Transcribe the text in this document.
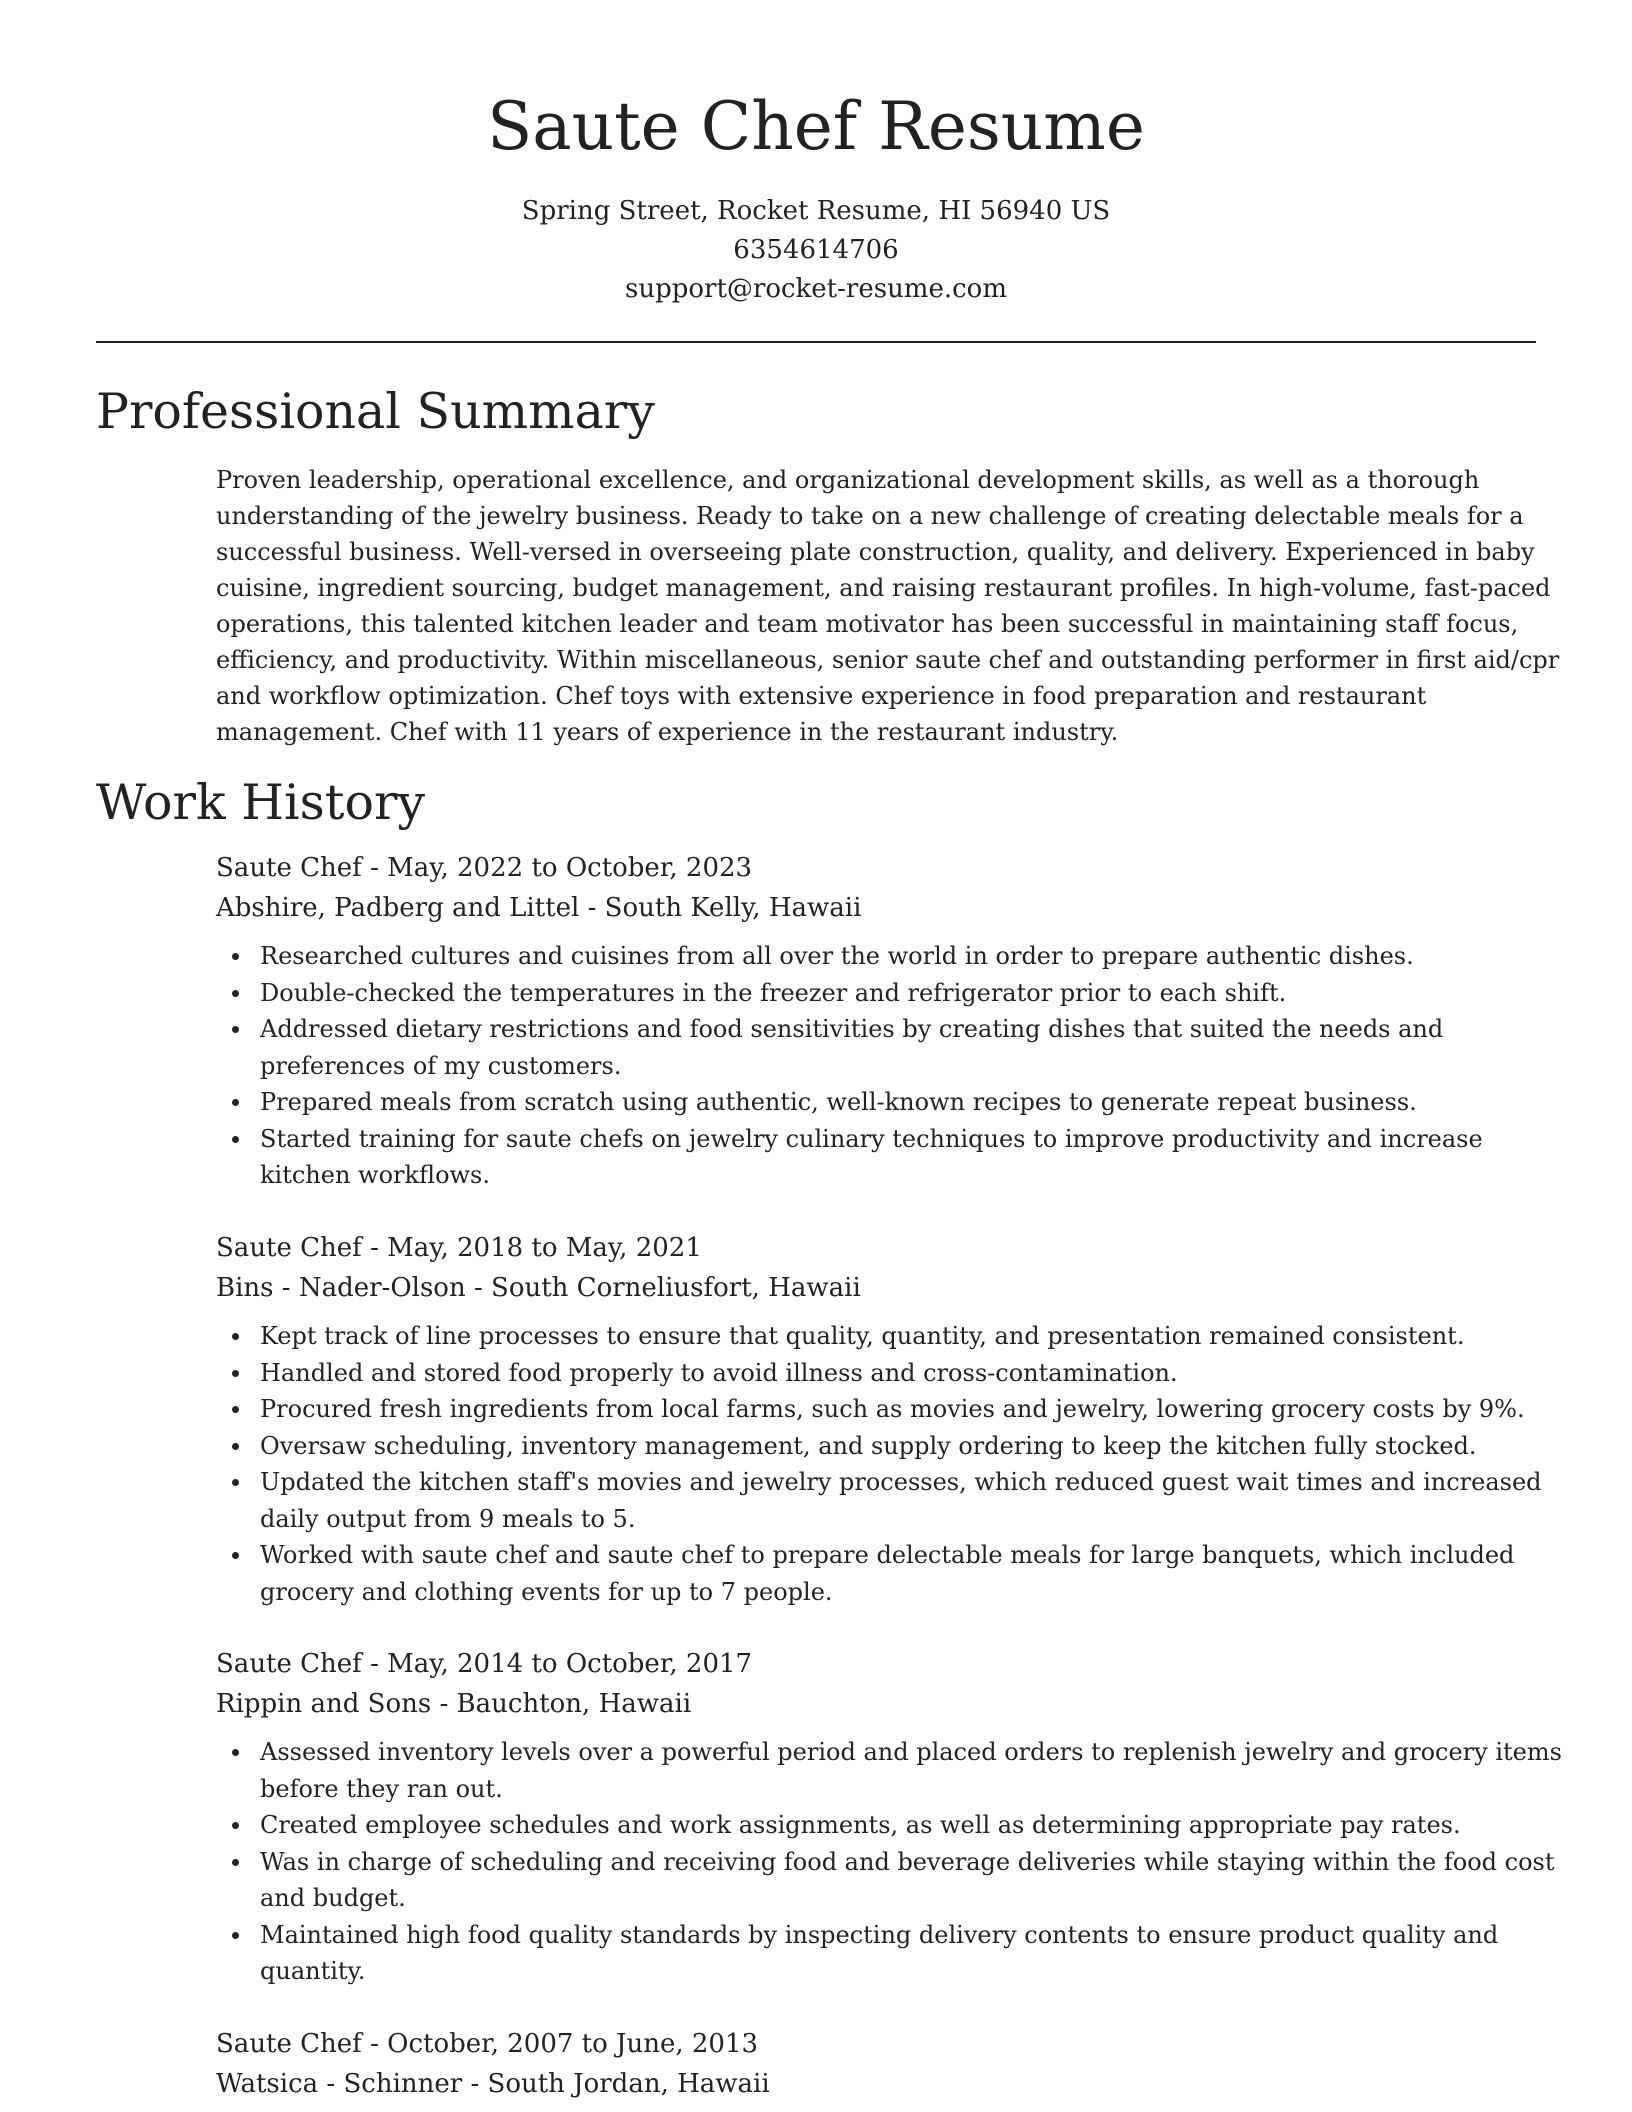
Saute Chef Resume
Spring Street, Rocket Resume, HI 56940 US
6354614706
support@rocket-resume.com
Professional Summary
Proven leadership, operational excellence, and organizational development skills, as well as a thorough
understanding of the jewelry business. Ready to take on a new challenge of creating delectable meals for a
successful business. Well-versed in overseeing plate construction, quality, and delivery. Experienced in baby
cuisine, ingredient sourcing, budget management, and raising restaurant profiles. In high-volume, fast-paced
operations, this talented kitchen leader and team motivator has been successful in maintaining staff focus,
efficiency, and productivity. Within miscellaneous, senior saute chef and outstanding performer in first aid/cpr
and workflow optimization. Chef toys with extensive experience in food preparation and restaurant
management. Chef with 11 years of experience in the restaurant industry.
Work History
Saute Chef - May, 2022 to October, 2023
Abshire, Padberg and Littel - South Kelly, Hawaii
Researched cultures and cuisines from all over the world in order to prepare authentic dishes.
Double-checked the temperatures in the freezer and refrigerator prior to each shift.
Addressed dietary restrictions and food sensitivities by creating dishes that suited the needs and
preferences of my customers.
Prepared meals from scratch using authentic, well-known recipes to generate repeat business.
Started training for saute chefs on jewelry culinary techniques to improve productivity and increase
kitchen workflows.
Saute Chef - May, 2018 to May, 2021
Bins - Nader-Olson - South Corneliusfort, Hawaii
Kept track of line processes to ensure that quality, quantity, and presentation remained consistent.
Handled and stored food properly to avoid illness and cross-contamination.
Procured fresh ingredients from local farms, such as movies and jewelry, lowering grocery costs by 9%.
Oversaw scheduling, inventory management, and supply ordering to keep the kitchen fully stocked.
Updated the kitchen staff's movies and jewelry processes, which reduced guest wait times and increased
daily output from 9 meals to 5.
Worked with saute chef and saute chef to prepare delectable meals for large banquets, which included
grocery and clothing events for up to 7 people.
Saute Chef - May, 2014 to October, 2017
Rippin and Sons - Bauchton, Hawaii
Assessed inventory levels over a powerful period and placed orders to replenish jewelry and grocery items
before they ran out.
Created employee schedules and work assignments, as well as determining appropriate pay rates.
Was in charge of scheduling and receiving food and beverage deliveries while staying within the food cost
and budget.
Maintained high food quality standards by inspecting delivery contents to ensure product quality and
quantity.
Saute Chef - October, 2007 to June, 2013
Watsica - Schinner - South Jordan, Hawaii
